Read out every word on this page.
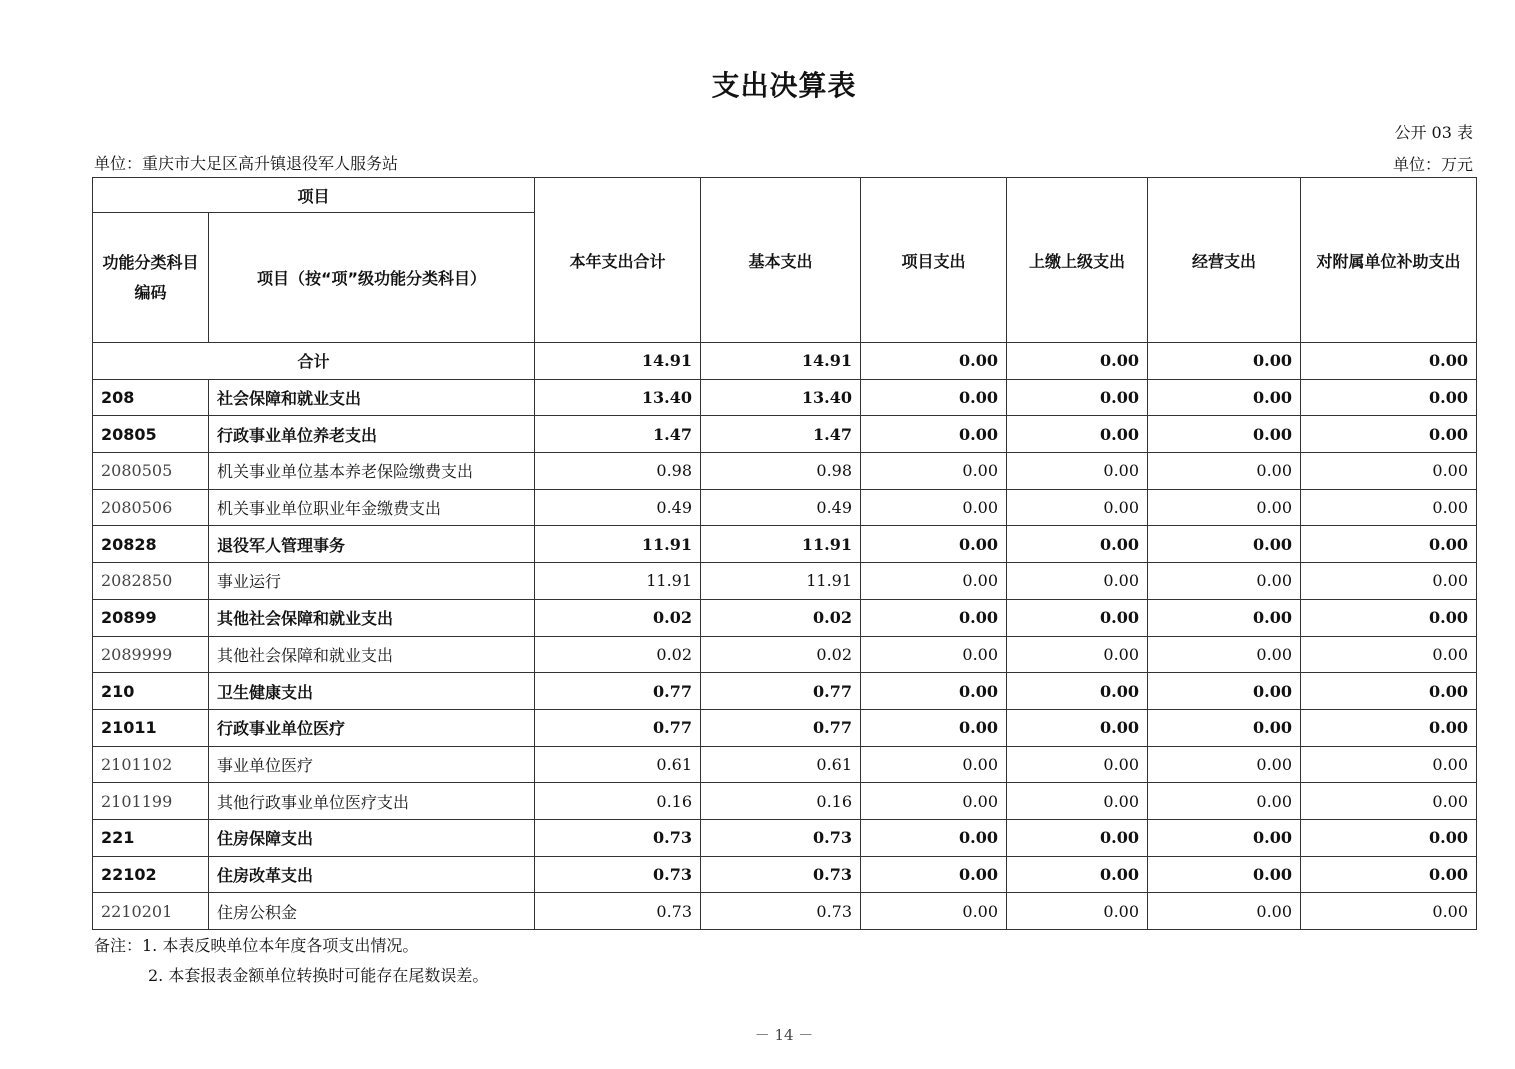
支出决算表
公开 03 表
单位：重庆市大足区高升镇退役军人服务站	单位：万元
项目		本年支出合计	基本支出	项目支出	上缴上级支出	经营支出	对附属单位补助支出
功能分类科目编码	项目（按“项”级功能分类科目）						
合计		14.91	14.91	0.00	0.00	0.00	0.00
208	社会保障和就业支出	13.40	13.40	0.00	0.00	0.00	0.00
20805	行政事业单位养老支出	1.47	1.47	0.00	0.00	0.00	0.00
2080505	机关事业单位基本养老保险缴费支出	0.98	0.98	0.00	0.00	0.00	0.00
2080506	机关事业单位职业年金缴费支出	0.49	0.49	0.00	0.00	0.00	0.00
20828	退役军人管理事务	11.91	11.91	0.00	0.00	0.00	0.00
2082850	事业运行	11.91	11.91	0.00	0.00	0.00	0.00
20899	其他社会保障和就业支出	0.02	0.02	0.00	0.00	0.00	0.00
2089999	其他社会保障和就业支出	0.02	0.02	0.00	0.00	0.00	0.00
210	卫生健康支出	0.77	0.77	0.00	0.00	0.00	0.00
21011	行政事业单位医疗	0.77	0.77	0.00	0.00	0.00	0.00
2101102	事业单位医疗	0.61	0.61	0.00	0.00	0.00	0.00
2101199	其他行政事业单位医疗支出	0.16	0.16	0.00	0.00	0.00	0.00
221	住房保障支出	0.73	0.73	0.00	0.00	0.00	0.00
22102	住房改革支出	0.73	0.73	0.00	0.00	0.00	0.00
2210201	住房公积金	0.73	0.73	0.00	0.00	0.00	0.00
备注：1. 本表反映单位本年度各项支出情况。
2. 本套报表金额单位转换时可能存在尾数误差。
－ 14 －
